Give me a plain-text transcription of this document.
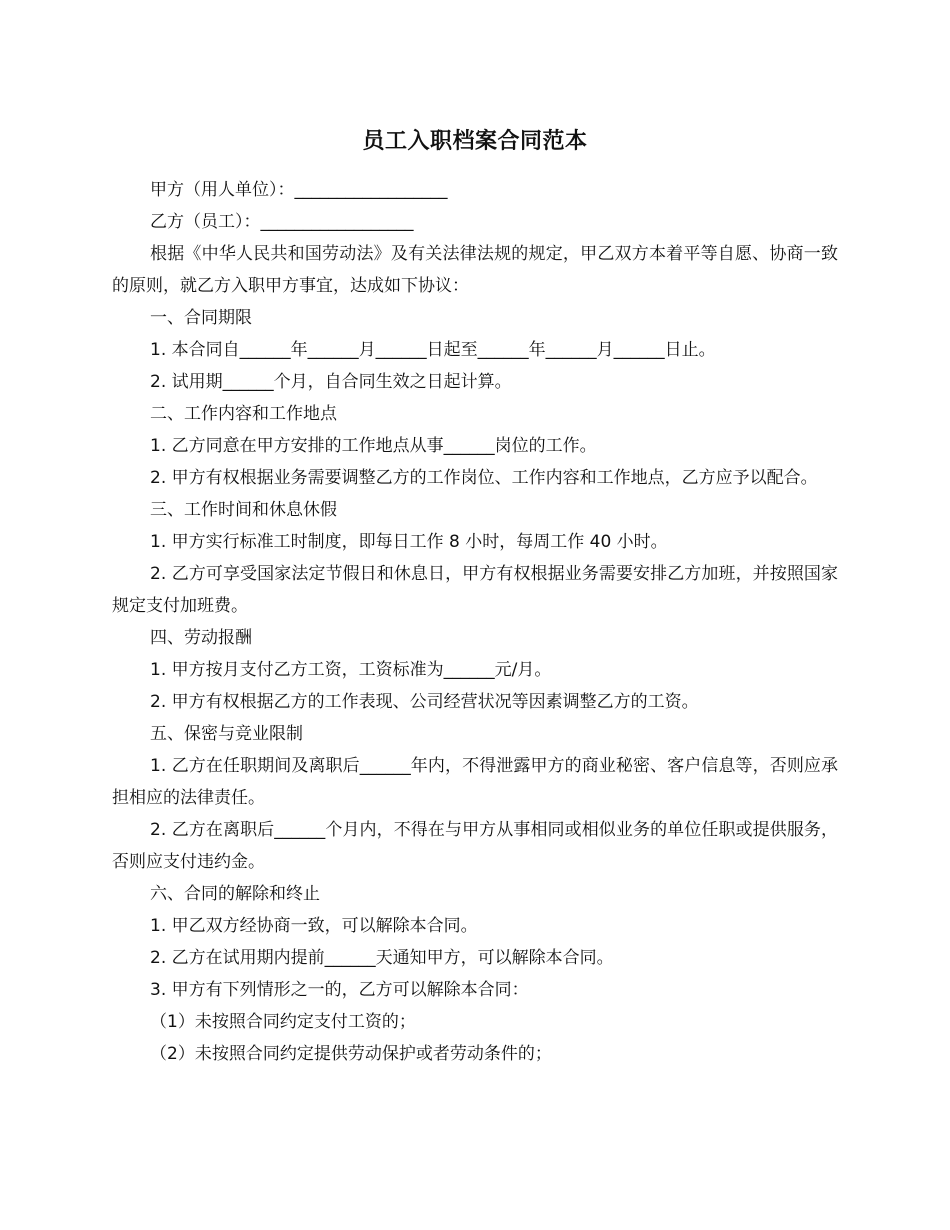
员工入职档案合同范本

甲方（用人单位）：__________________

乙方（员工）：__________________

根据《中华人民共和国劳动法》及有关法律法规的规定，甲乙双方本着平等自愿、协商一致的原则，就乙方入职甲方事宜，达成如下协议：

一、合同期限

1. 本合同自______年______月______日起至______年______月______日止。

2. 试用期______个月，自合同生效之日起计算。

二、工作内容和工作地点

1. 乙方同意在甲方安排的工作地点从事______岗位的工作。

2. 甲方有权根据业务需要调整乙方的工作岗位、工作内容和工作地点，乙方应予以配合。

三、工作时间和休息休假

1. 甲方实行标准工时制度，即每日工作 8 小时，每周工作 40 小时。

2. 乙方可享受国家法定节假日和休息日，甲方有权根据业务需要安排乙方加班，并按照国家规定支付加班费。

四、劳动报酬

1. 甲方按月支付乙方工资，工资标准为______元/月。

2. 甲方有权根据乙方的工作表现、公司经营状况等因素调整乙方的工资。

五、保密与竞业限制

1. 乙方在任职期间及离职后______年内，不得泄露甲方的商业秘密、客户信息等，否则应承担相应的法律责任。

2. 乙方在离职后______个月内，不得在与甲方从事相同或相似业务的单位任职或提供服务，否则应支付违约金。

六、合同的解除和终止

1. 甲乙双方经协商一致，可以解除本合同。

2. 乙方在试用期内提前______天通知甲方，可以解除本合同。

3. 甲方有下列情形之一的，乙方可以解除本合同：

（1）未按照合同约定支付工资的；

（2）未按照合同约定提供劳动保护或者劳动条件的；
